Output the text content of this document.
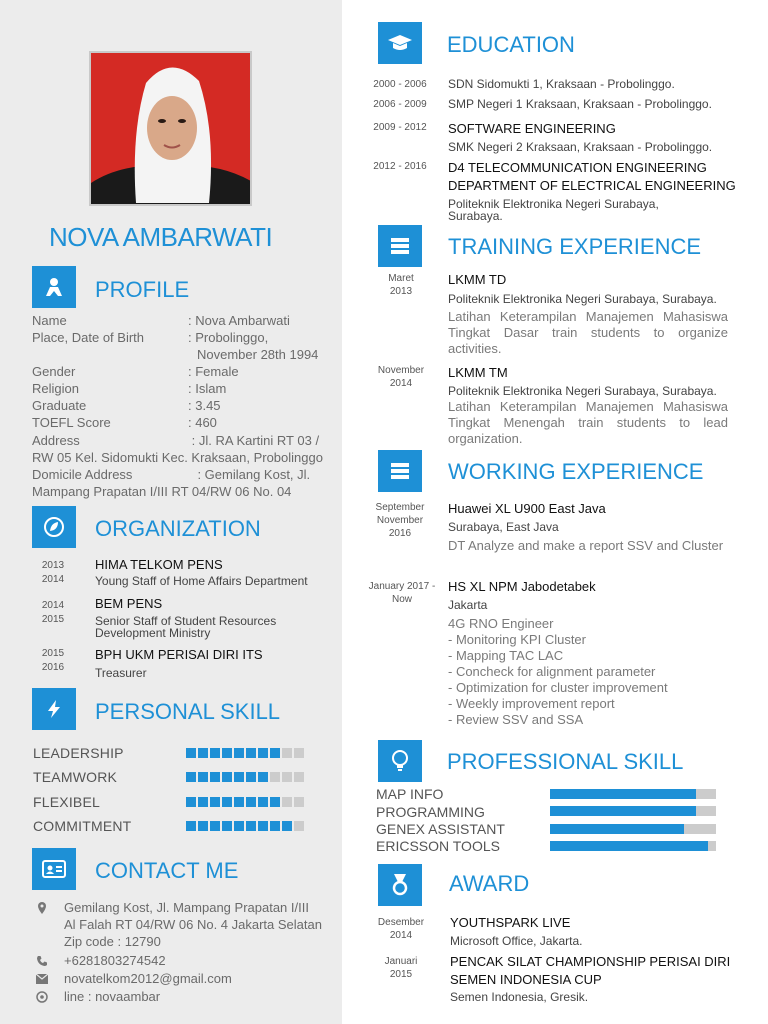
NOVA AMBARWATI
PROFILE
Name	: Nova Ambarwati
Place, Date of Birth	: Probolinggo,
November 28th 1994
Gender	: Female
Religion	: Islam
Graduate	: 3.45
TOEFL Score	: 460
Address                               : Jl. RA Kartini RT 03 /
RW 05 Kel. Sidomukti Kec. Kraksaan, Probolinggo
Domicile Address                  : Gemilang Kost, Jl.
Mampang Prapatan I/III RT 04/RW 06 No. 04
ORGANIZATION
2013
2014
HIMA TELKOM PENS
Young Staff of Home Affairs Department
2014
2015
BEM PENS
Senior Staff of Student Resources Development Ministry
2015
2016
BPH UKM PERISAI DIRI ITS
Treasurer
PERSONAL SKILL
LEADERSHIP
TEAMWORK
FLEXIBEL
COMMITMENT
CONTACT ME
Gemilang Kost, Jl. Mampang Prapatan I/III
Al Falah RT 04/RW 06 No. 4 Jakarta Selatan
Zip code : 12790
+6281803274542
novatelkom2012@gmail.com
line : novaambar
EDUCATION
2000 - 2006	SDN Sidomukti 1, Kraksaan - Probolinggo.
2006 - 2009	SMP Negeri 1 Kraksaan, Kraksaan - Probolinggo.
2009 - 2012	SOFTWARE ENGINEERING
SMK Negeri 2 Kraksaan, Kraksaan - Probolinggo.
2012 - 2016	D4 TELECOMMUNICATION ENGINEERING
DEPARTMENT OF ELECTRICAL ENGINEERING
Politeknik Elektronika Negeri Surabaya,
Surabaya.
TRAINING EXPERIENCE
Maret
2013
LKMM TD
Politeknik Elektronika Negeri Surabaya, Surabaya.
Latihan Keterampilan Manajemen Mahasiswa Tingkat Dasar train students to organize activities.
November
2014
LKMM TM
Politeknik Elektronika Negeri Surabaya, Surabaya.
Latihan Keterampilan Manajemen Mahasiswa Tingkat Menengah train students to lead organization.
WORKING EXPERIENCE
September
November
2016
Huawei XL U900 East Java
Surabaya, East Java
DT Analyze and make a report SSV and Cluster
January 2017 -
Now
HS XL NPM Jabodetabek
Jakarta
4G RNO Engineer
- Monitoring KPI Cluster
- Mapping TAC LAC
- Concheck for alignment parameter
- Optimization for cluster improvement
- Weekly improvement report
- Review SSV and SSA
PROFESSIONAL SKILL
MAP INFO
PROGRAMMING
GENEX ASSISTANT
ERICSSON TOOLS
AWARD
Desember
2014
YOUTHSPARK LIVE
Microsoft Office, Jakarta.
Januari
2015
PENCAK SILAT CHAMPIONSHIP PERISAI DIRI
SEMEN INDONESIA CUP
Semen Indonesia, Gresik.
